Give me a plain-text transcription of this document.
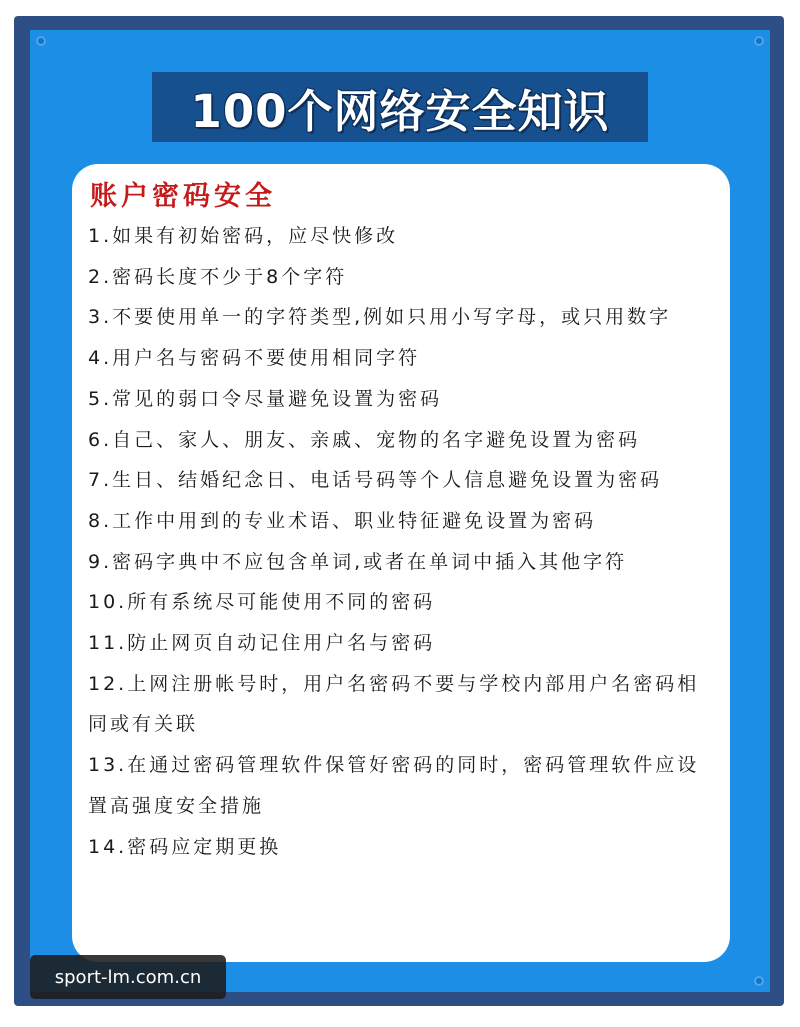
100个网络安全知识
账户密码安全
1.如果有初始密码，应尽快修改
2.密码长度不少于8个字符
3.不要使用单一的字符类型,例如只用小写字母，或只用数字
4.用户名与密码不要使用相同字符
5.常见的弱口令尽量避免设置为密码
6.自己、家人、朋友、亲戚、宠物的名字避免设置为密码
7.生日、结婚纪念日、电话号码等个人信息避免设置为密码
8.工作中用到的专业术语、职业特征避免设置为密码
9.密码字典中不应包含单词,或者在单词中插入其他字符
10.所有系统尽可能使用不同的密码
11.防止网页自动记住用户名与密码
12.上网注册帐号时，用户名密码不要与学校内部用户名密码相同或有关联
13.在通过密码管理软件保管好密码的同时，密码管理软件应设置高强度安全措施
14.密码应定期更换
sport-lm.com.cn
